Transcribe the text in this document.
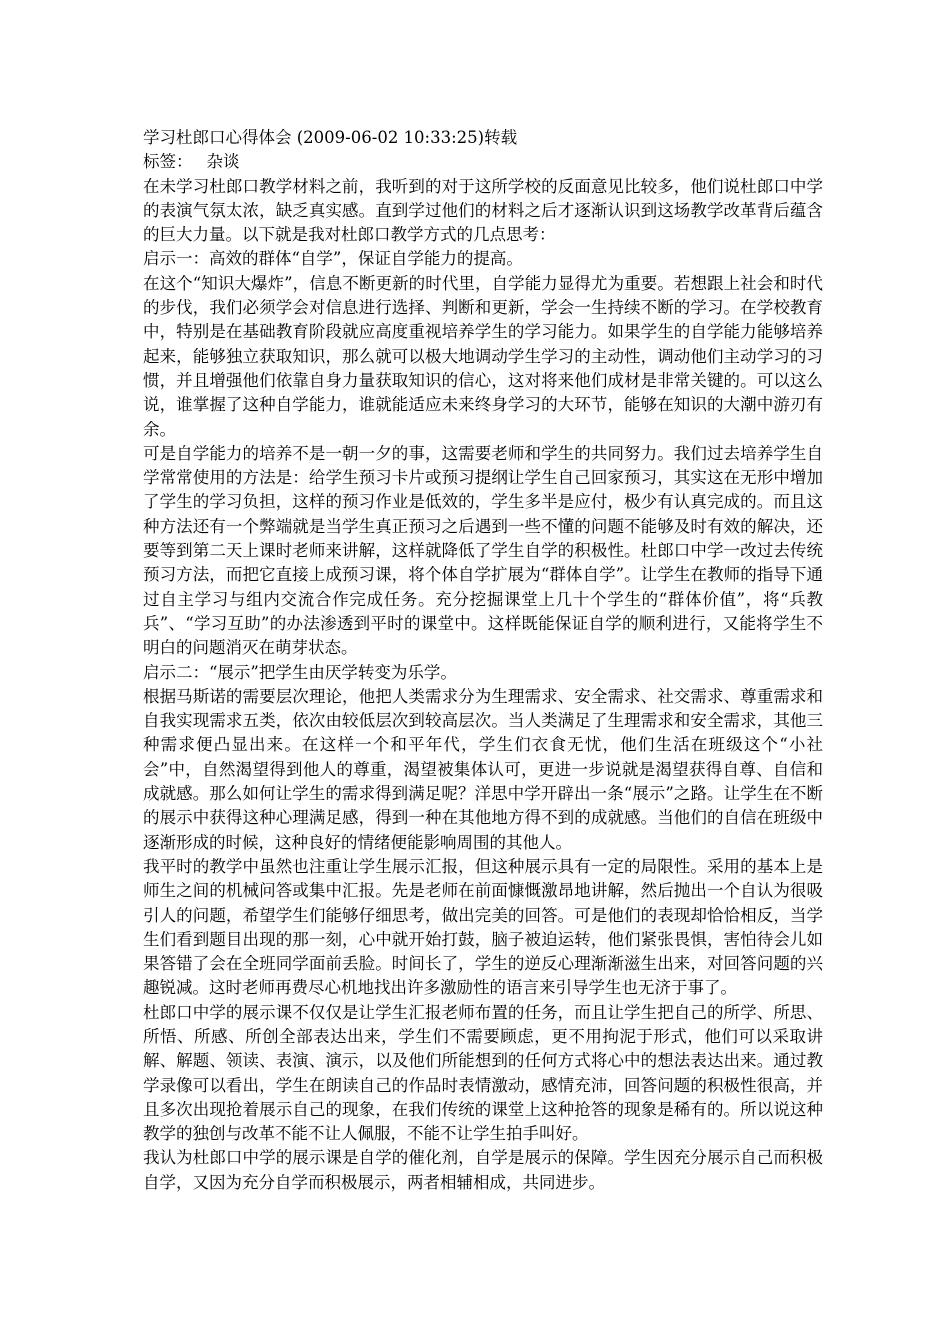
学习杜郎口心得体会 (2009-06-02 10:33:25)转载

标签： 杂谈

在未学习杜郎口教学材料之前，我听到的对于这所学校的反面意见比较多，他们说杜郎口中学的表演气氛太浓，缺乏真实感。直到学过他们的材料之后才逐渐认识到这场教学改革背后蕴含的巨大力量。以下就是我对杜郎口教学方式的几点思考：

启示一：高效的群体“自学”，保证自学能力的提高。

在这个“知识大爆炸”，信息不断更新的时代里，自学能力显得尤为重要。若想跟上社会和时代的步伐，我们必须学会对信息进行选择、判断和更新，学会一生持续不断的学习。在学校教育中，特别是在基础教育阶段就应高度重视培养学生的学习能力。如果学生的自学能力能够培养起来，能够独立获取知识，那么就可以极大地调动学生学习的主动性，调动他们主动学习的习惯，并且增强他们依靠自身力量获取知识的信心，这对将来他们成材是非常关键的。可以这么说，谁掌握了这种自学能力，谁就能适应未来终身学习的大环节，能够在知识的大潮中游刃有余。

可是自学能力的培养不是一朝一夕的事，这需要老师和学生的共同努力。我们过去培养学生自学常常使用的方法是：给学生预习卡片或预习提纲让学生自己回家预习，其实这在无形中增加了学生的学习负担，这样的预习作业是低效的，学生多半是应付，极少有认真完成的。而且这种方法还有一个弊端就是当学生真正预习之后遇到一些不懂的问题不能够及时有效的解决，还要等到第二天上课时老师来讲解，这样就降低了学生自学的积极性。杜郎口中学一改过去传统预习方法，而把它直接上成预习课，将个体自学扩展为“群体自学”。让学生在教师的指导下通过自主学习与组内交流合作完成任务。充分挖掘课堂上几十个学生的“群体价值”，将“兵教兵”、“学习互助”的办法渗透到平时的课堂中。这样既能保证自学的顺利进行，又能将学生不明白的问题消灭在萌芽状态。

启示二：“展示”把学生由厌学转变为乐学。

根据马斯诺的需要层次理论，他把人类需求分为生理需求、安全需求、社交需求、尊重需求和自我实现需求五类，依次由较低层次到较高层次。当人类满足了生理需求和安全需求，其他三种需求便凸显出来。在这样一个和平年代，学生们衣食无忧，他们生活在班级这个“小社会”中，自然渴望得到他人的尊重，渴望被集体认可，更进一步说就是渴望获得自尊、自信和成就感。那么如何让学生的需求得到满足呢？洋思中学开辟出一条“展示”之路。让学生在不断的展示中获得这种心理满足感，得到一种在其他地方得不到的成就感。当他们的自信在班级中逐渐形成的时候，这种良好的情绪便能影响周围的其他人。

我平时的教学中虽然也注重让学生展示汇报，但这种展示具有一定的局限性。采用的基本上是师生之间的机械问答或集中汇报。先是老师在前面慷慨激昂地讲解，然后抛出一个自认为很吸引人的问题，希望学生们能够仔细思考，做出完美的回答。可是他们的表现却恰恰相反，当学生们看到题目出现的那一刻，心中就开始打鼓，脑子被迫运转，他们紧张畏惧，害怕待会儿如果答错了会在全班同学面前丢脸。时间长了，学生的逆反心理渐渐滋生出来，对回答问题的兴趣锐减。这时老师再费尽心机地找出许多激励性的语言来引导学生也无济于事了。

杜郎口中学的展示课不仅仅是让学生汇报老师布置的任务，而且让学生把自己的所学、所思、所悟、所感、所创全部表达出来，学生们不需要顾虑，更不用拘泥于形式，他们可以采取讲解、解题、领读、表演、演示，以及他们所能想到的任何方式将心中的想法表达出来。通过教学录像可以看出，学生在朗读自己的作品时表情激动，感情充沛，回答问题的积极性很高，并且多次出现抢着展示自己的现象，在我们传统的课堂上这种抢答的现象是稀有的。所以说这种教学的独创与改革不能不让人佩服，不能不让学生拍手叫好。

我认为杜郎口中学的展示课是自学的催化剂，自学是展示的保障。学生因充分展示自己而积极自学，又因为充分自学而积极展示，两者相辅相成，共同进步。
